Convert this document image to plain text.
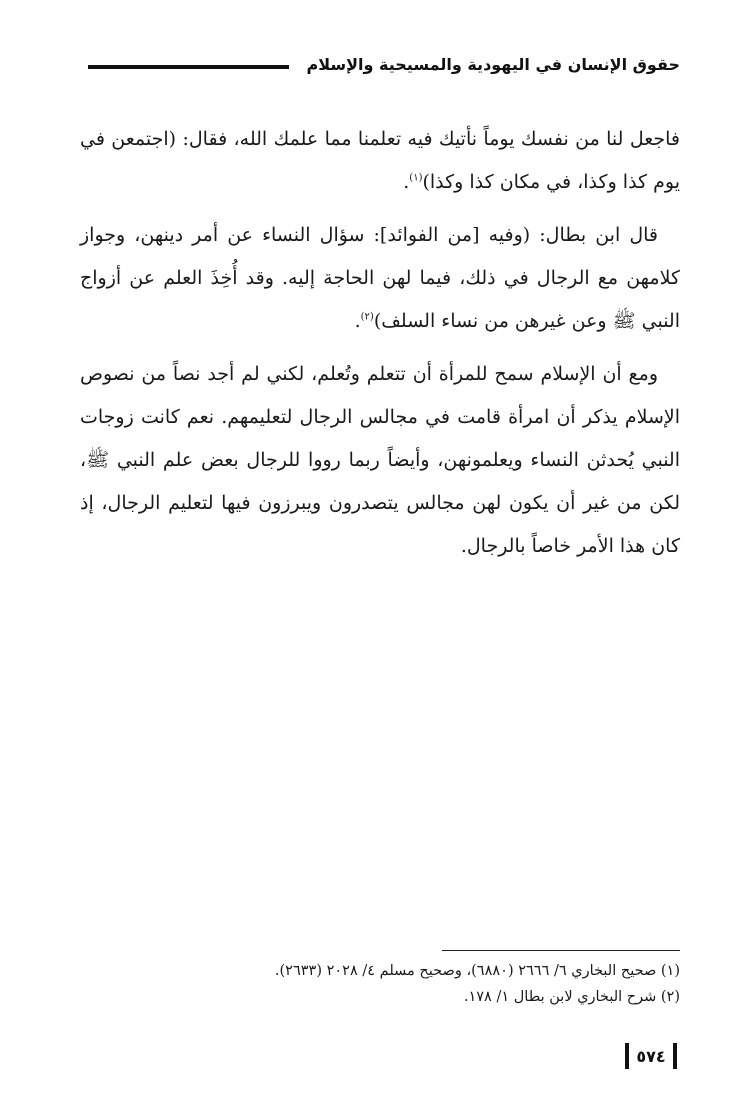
حقوق الإنسان في اليهودية والمسيحية والإسلام

فاجعل لنا من نفسك يوماً نأتيك فيه تعلمنا مما علمك الله، فقال: (اجتمعن في يوم كذا وكذا، في مكان كذا وكذا)$^{(١)}$.

قال ابن بطال: (وفيه [من الفوائد]: سؤال النساء عن أمر دينهن، وجواز كلامهن مع الرجال في ذلك، فيما لهن الحاجة إليه. وقد أُخِذَ العلم عن أزواج النبي ﷺ وعن غيرهن من نساء السلف)$^{(٢)}$.

ومع أن الإسلام سمح للمرأة أن تتعلم وتُعلم، لكني لم أجد نصاً من نصوص الإسلام يذكر أن امرأة قامت في مجالس الرجال لتعليمهم. نعم كانت زوجات النبي يُحدثن النساء ويعلمونهن، وأيضاً ربما رووا للرجال بعض علم النبي ﷺ، لكن من غير أن يكون لهن مجالس يتصدرون ويبرزون فيها لتعليم الرجال، إذ كان هذا الأمر خاصاً بالرجال.

(١) صحيح البخاري ٦/ ٢٦٦٦ (٦٨٨٠)، وصحيح مسلم ٤/ ٢٠٢٨ (٢٦٣٣).

(٢) شرح البخاري لابن بطال ١/ ١٧٨.

٥٧٤
